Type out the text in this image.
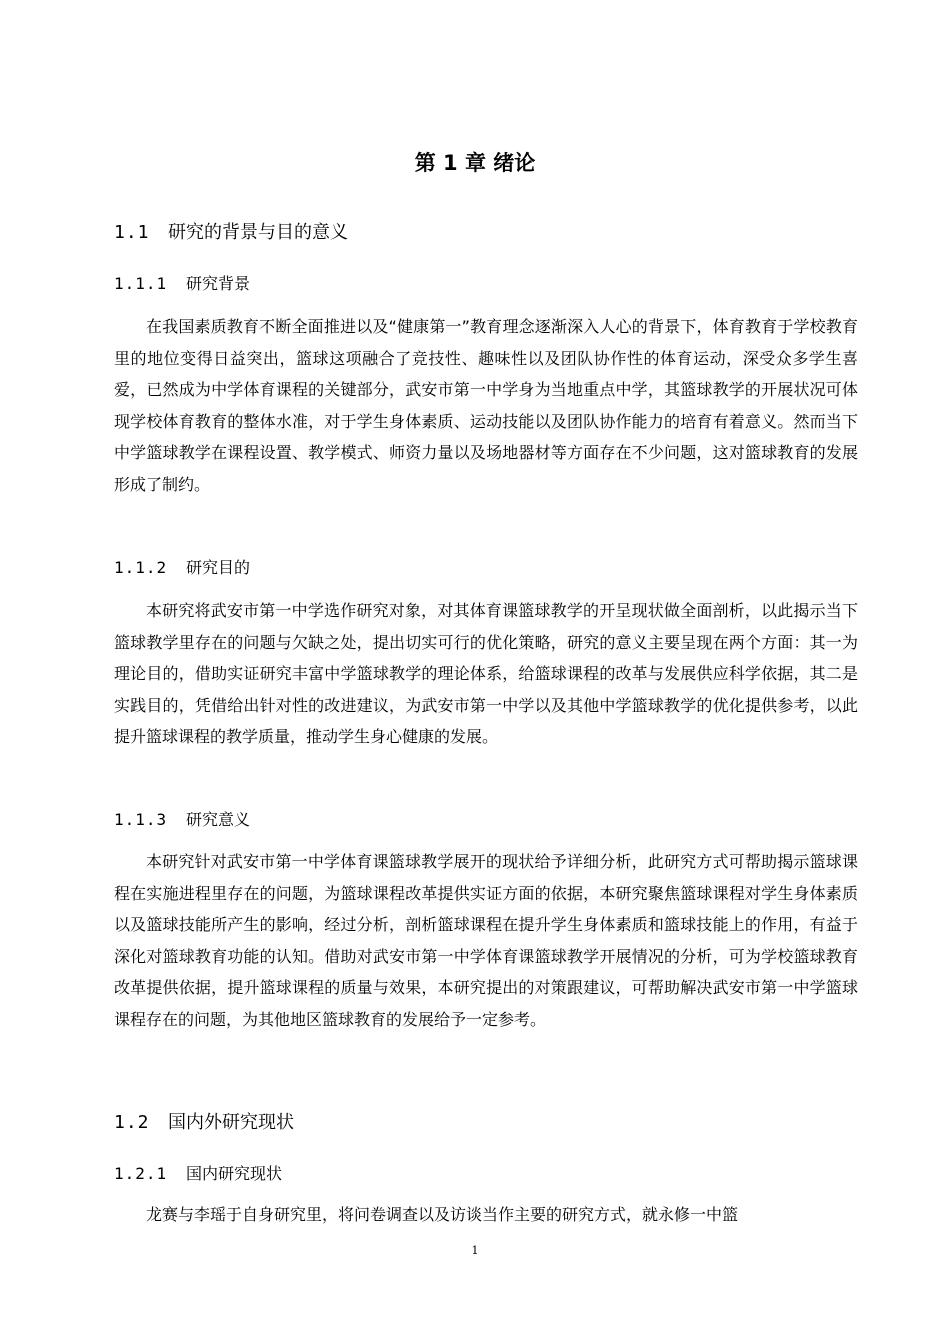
第 1 章 绪论
1.1 研究的背景与目的意义
1.1.1 研究背景

在我国素质教育不断全面推进以及“健康第一”教育理念逐渐深入人心的背景下，体育教育于学校教育里的地位变得日益突出，篮球这项融合了竞技性、趣味性以及团队协作性的体育运动，深受众多学生喜爱，已然成为中学体育课程的关键部分，武安市第一中学身为当地重点中学，其篮球教学的开展状况可体现学校体育教育的整体水准，对于学生身体素质、运动技能以及团队协作能力的培育有着意义。然而当下中学篮球教学在课程设置、教学模式、师资力量以及场地器材等方面存在不少问题，这对篮球教育的发展形成了制约。

1.1.2 研究目的

本研究将武安市第一中学选作研究对象，对其体育课篮球教学的开呈现状做全面剖析，以此揭示当下篮球教学里存在的问题与欠缺之处，提出切实可行的优化策略，研究的意义主要呈现在两个方面：其一为理论目的，借助实证研究丰富中学篮球教学的理论体系，给篮球课程的改革与发展供应科学依据，其二是实践目的，凭借给出针对性的改进建议，为武安市第一中学以及其他中学篮球教学的优化提供参考，以此提升篮球课程的教学质量，推动学生身心健康的发展。

1.1.3 研究意义

本研究针对武安市第一中学体育课篮球教学展开的现状给予详细分析，此研究方式可帮助揭示篮球课程在实施进程里存在的问题，为篮球课程改革提供实证方面的依据，本研究聚焦篮球课程对学生身体素质以及篮球技能所产生的影响，经过分析，剖析篮球课程在提升学生身体素质和篮球技能上的作用，有益于深化对篮球教育功能的认知。借助对武安市第一中学体育课篮球教学开展情况的分析，可为学校篮球教育改革提供依据，提升篮球课程的质量与效果，本研究提出的对策跟建议，可帮助解决武安市第一中学篮球课程存在的问题，为其他地区篮球教育的发展给予一定参考。

1.2 国内外研究现状
1.2.1 国内研究现状

龙赛与李瑶于自身研究里，将问卷调查以及访谈当作主要的研究方式，就永修一中篮

1
